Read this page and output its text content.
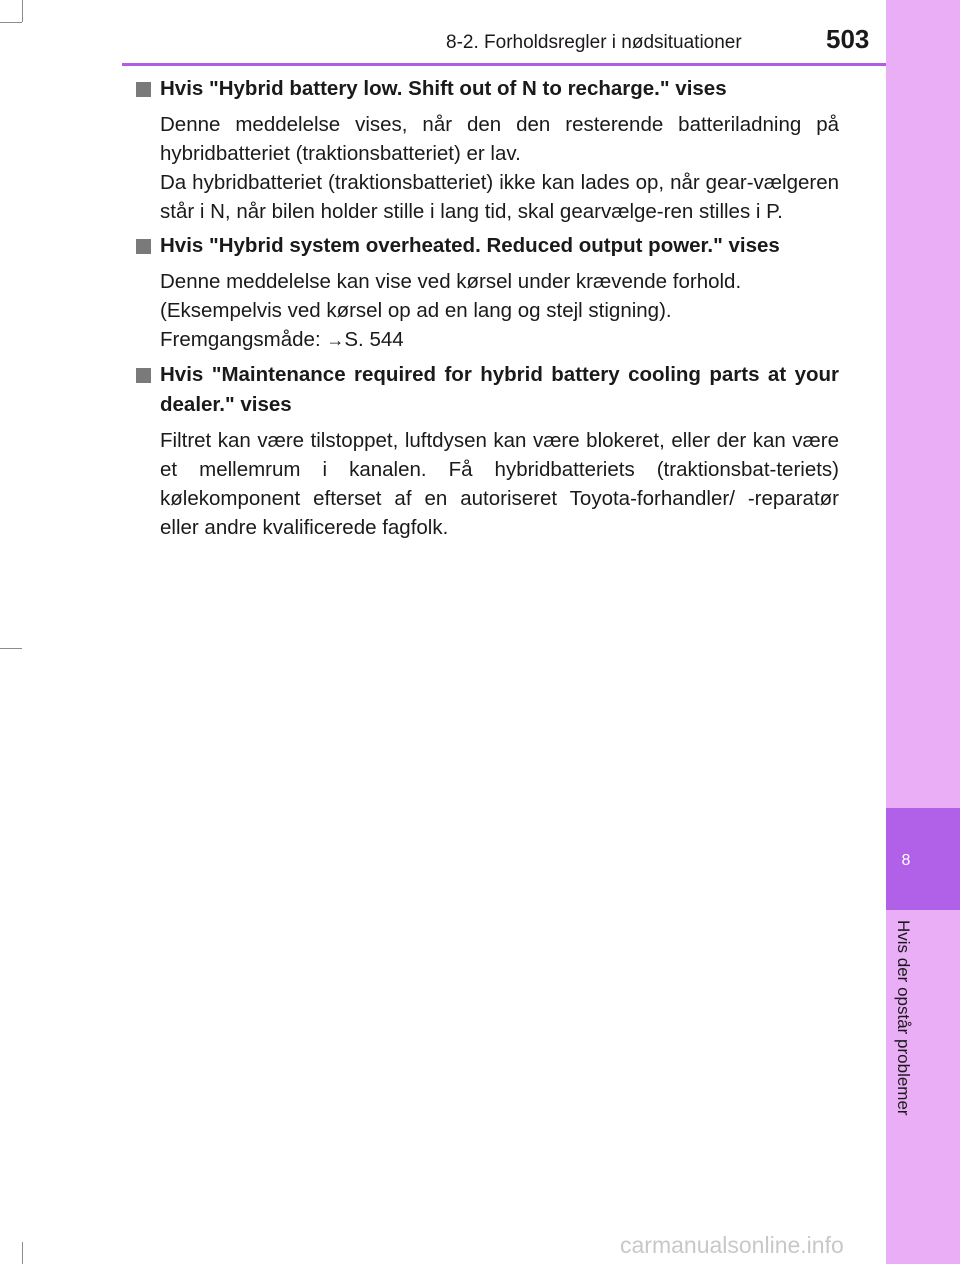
8
Hvis der opstår problemer
8-2. Forholdsregler i nødsituationer	503
Hvis "Hybrid battery low. Shift out of N to recharge." vises
Denne meddelelse vises, når den den resterende batteriladning på hybridbatteriet (traktionsbatteriet) er lav.
Da hybridbatteriet (traktionsbatteriet) ikke kan lades op, når gear-vælgeren står i N, når bilen holder stille i lang tid, skal gearvælge-ren stilles i P.
Hvis "Hybrid system overheated. Reduced output power." vises
Denne meddelelse kan vise ved kørsel under krævende forhold.
(Eksempelvis ved kørsel op ad en lang og stejl stigning).
Fremgangsmåde: →S. 544
Hvis "Maintenance required for hybrid battery cooling parts at your dealer." vises
Filtret kan være tilstoppet, luftdysen kan være blokeret, eller der kan være et mellemrum i kanalen. Få hybridbatteriets (traktionsbat-teriets) kølekomponent efterset af en autoriseret Toyota-forhandler/ -reparatør eller andre kvalificerede fagfolk.
carmanualsonline.info
